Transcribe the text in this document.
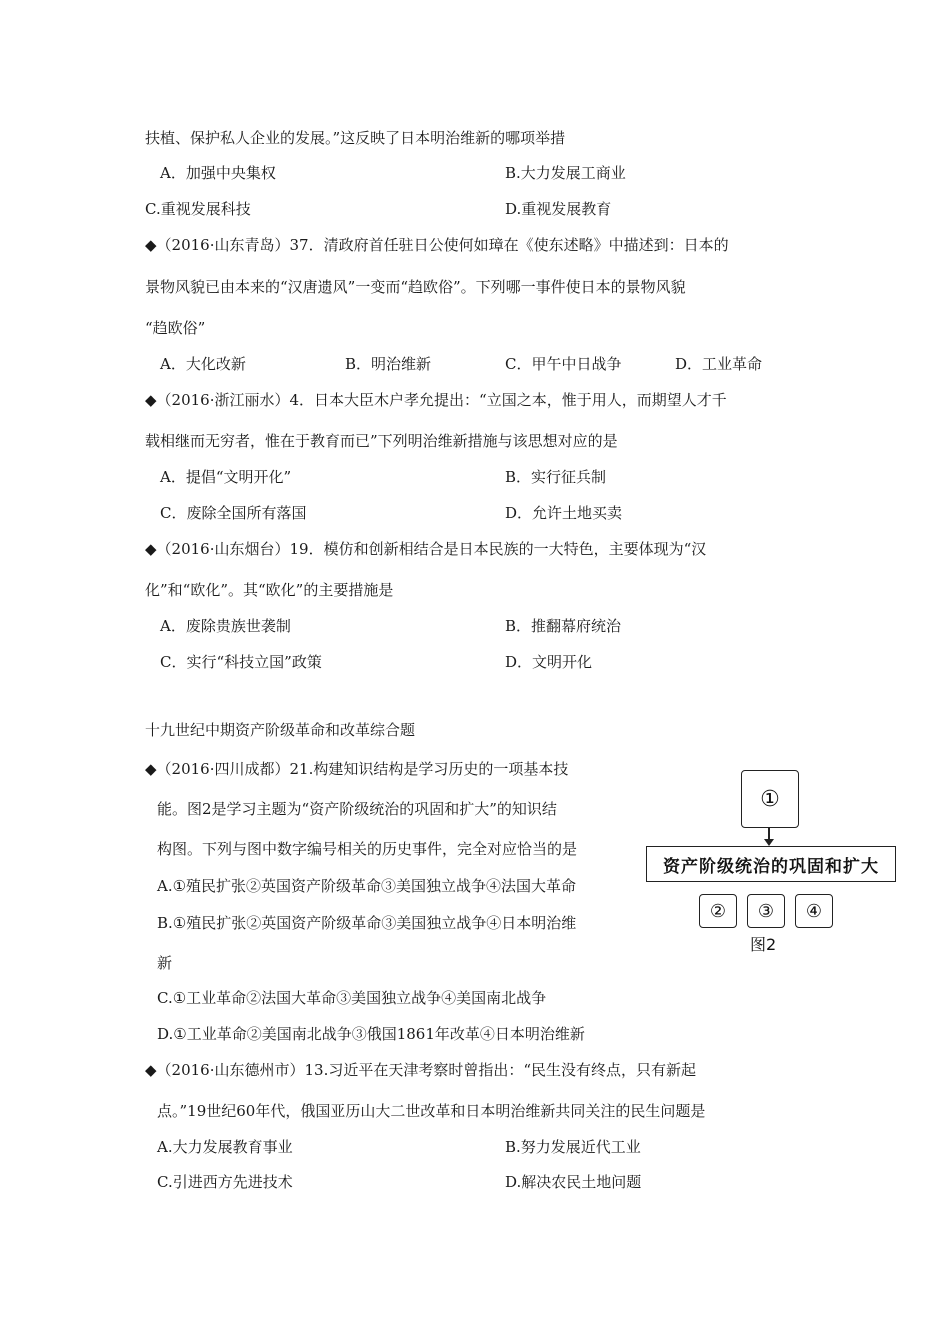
扶植、保护私人企业的发展。”这反映了日本明治维新的哪项举措
A．加强中央集权	B.大力发展工商业
C.重视发展科技	D.重视发展教育
◆（2016·山东青岛）37．清政府首任驻日公使何如璋在《使东述略》中描述到：日本的
景物风貌已由本来的“汉唐遗风”一变而“趋欧俗”。下列哪一事件使日本的景物风貌
“趋欧俗”
A．大化改新	B．明治维新	C．甲午中日战争	D．工业革命
◆（2016·浙江丽水）4．日本大臣木户孝允提出：“立国之本，惟于用人，而期望人才千
载相继而无穷者，惟在于教育而已”下列明治维新措施与该思想对应的是
A．提倡“文明开化”	B．实行征兵制
C．废除全国所有落国	D．允许土地买卖
◆（2016·山东烟台）19．模仿和创新相结合是日本民族的一大特色，主要体现为“汉
化”和“欧化”。其“欧化”的主要措施是
A．废除贵族世袭制	B．推翻幕府统治
C．实行“科技立国”政策	D．文明开化
十九世纪中期资产阶级革命和改革综合题
◆（2016·四川成都）21.构建知识结构是学习历史的一项基本技
能。图2是学习主题为“资产阶级统治的巩固和扩大”的知识结
构图。下列与图中数字编号相关的历史事件，完全对应恰当的是
A.①殖民扩张②英国资产阶级革命③美国独立战争④法国大革命
B.①殖民扩张②英国资产阶级革命③美国独立战争④日本明治维
新
C.①工业革命②法国大革命③美国独立战争④美国南北战争
D.①工业革命②美国南北战争③俄国1861年改革④日本明治维新
◆（2016·山东德州市）13.习近平在天津考察时曾指出：“民生没有终点，只有新起
点。”19世纪60年代，俄国亚历山大二世改革和日本明治维新共同关注的民生问题是
A.大力发展教育事业	B.努力发展近代工业
C.引进西方先进技术	D.解决农民土地问题
①
资产阶级统治的巩固和扩大
②	③	④
图2
